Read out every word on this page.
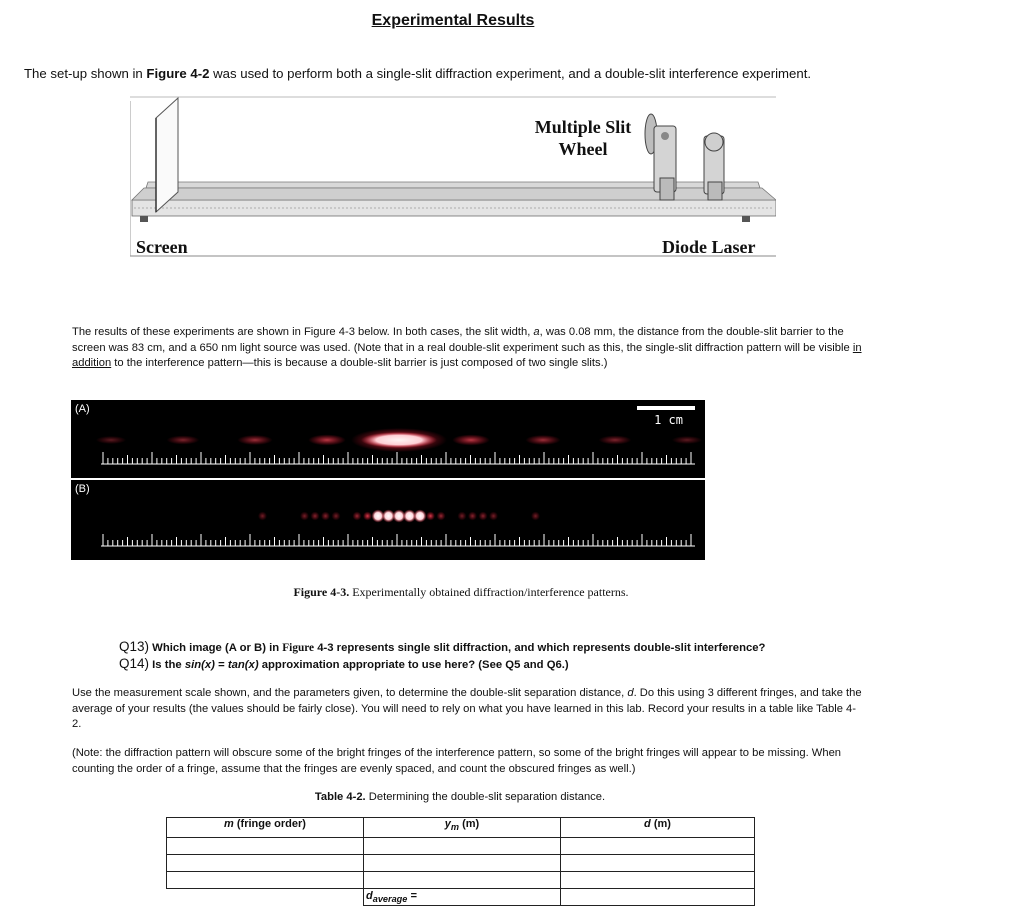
Experimental Results
The set-up shown in Figure 4-2 was used to perform both a single-slit diffraction experiment, and a double-slit interference experiment.
Multiple Slit
Wheel
Screen	Diode Laser
The results of these experiments are shown in Figure 4-3 below. In both cases, the slit width, a, was 0.08 mm, the distance from the double-slit barrier to the screen was 83 cm, and a 650 nm light source was used. (Note that in a real double-slit experiment such as this, the single-slit diffraction pattern will be visible in addition to the interference pattern—this is because a double-slit barrier is just composed of two single slits.)
(A)
1 cm
(B)
Figure 4-3. Experimentally obtained diffraction/interference patterns.
Q13) Which image (A or B) in Figure 4-3 represents single slit diffraction, and which represents double-slit interference?
Q14) Is the sin(x) = tan(x) approximation appropriate to use here? (See Q5 and Q6.)
Use the measurement scale shown, and the parameters given, to determine the double-slit separation distance, d. Do this using 3 different fringes, and take the average of your results (the values should be fairly close). You will need to rely on what you have learned in this lab. Record your results in a table like Table 4-2.
(Note: the diffraction pattern will obscure some of the bright fringes of the interference pattern, so some of the bright fringes will appear to be missing. When counting the order of a fringe, assume that the fringes are evenly spaced, and count the obscured fringes as well.)
Table 4-2. Determining the double-slit separation distance.
m (fringe order)	$y_m$ (m)	d (m)

	$d_{average}$ =	
